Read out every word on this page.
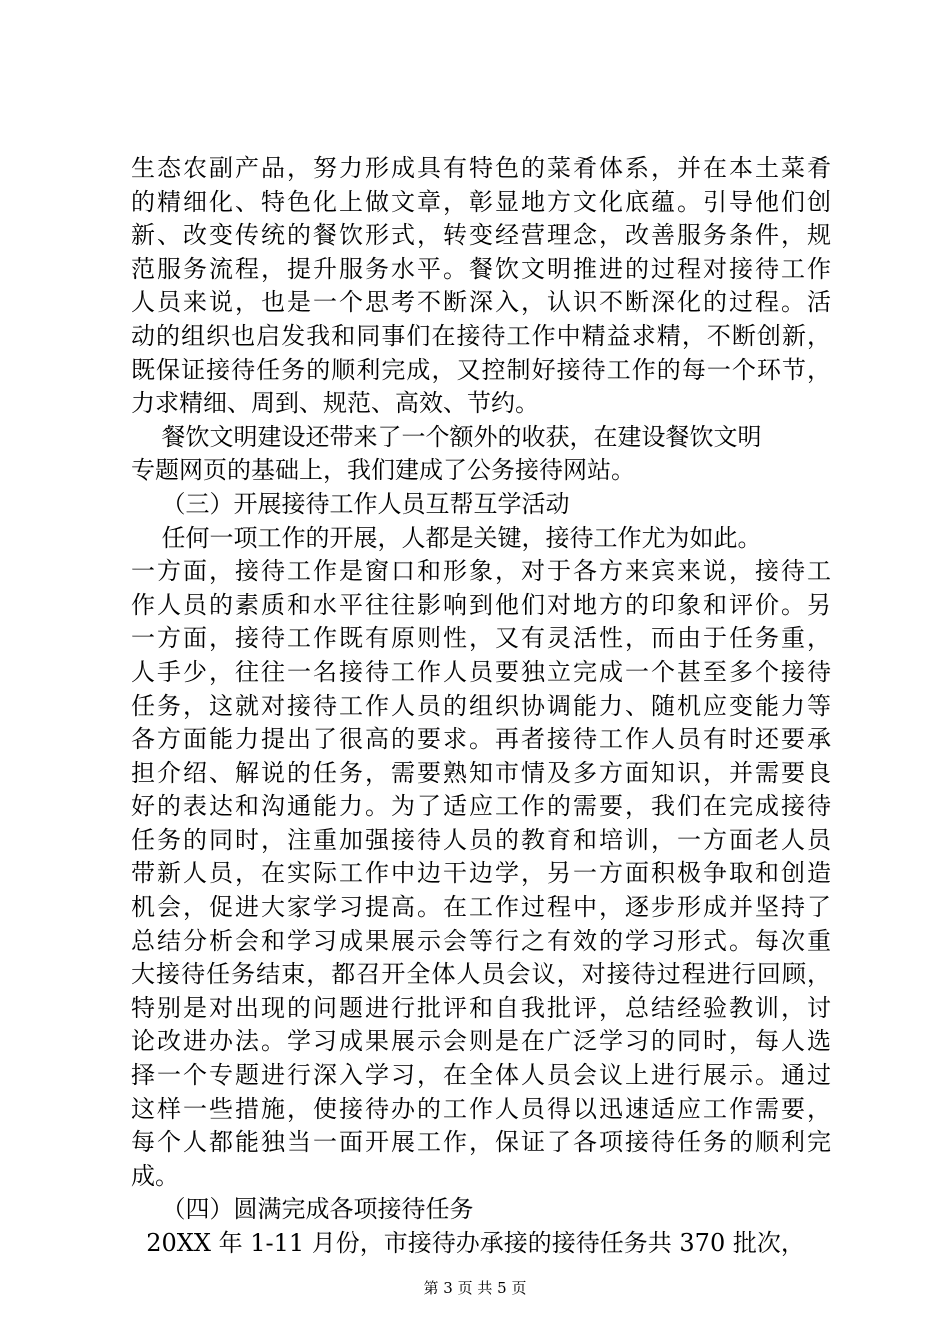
生态农副产品，努力形成具有特色的菜肴体系，并在本土菜肴
的精细化、特色化上做文章，彰显地方文化底蕴。引导他们创
新、改变传统的餐饮形式，转变经营理念，改善服务条件，规
范服务流程，提升服务水平。餐饮文明推进的过程对接待工作
人员来说，也是一个思考不断深入，认识不断深化的过程。活
动的组织也启发我和同事们在接待工作中精益求精，不断创新，
既保证接待任务的顺利完成，又控制好接待工作的每一个环节，
力求精细、周到、规范、高效、节约。
餐饮文明建设还带来了一个额外的收获，在建设餐饮文明
专题网页的基础上，我们建成了公务接待网站。
（三）开展接待工作人员互帮互学活动
任何一项工作的开展，人都是关键，接待工作尤为如此。
一方面，接待工作是窗口和形象，对于各方来宾来说，接待工
作人员的素质和水平往往影响到他们对地方的印象和评价。另
一方面，接待工作既有原则性，又有灵活性，而由于任务重，
人手少，往往一名接待工作人员要独立完成一个甚至多个接待
任务，这就对接待工作人员的组织协调能力、随机应变能力等
各方面能力提出了很高的要求。再者接待工作人员有时还要承
担介绍、解说的任务，需要熟知市情及多方面知识，并需要良
好的表达和沟通能力。为了适应工作的需要，我们在完成接待
任务的同时，注重加强接待人员的教育和培训，一方面老人员
带新人员，在实际工作中边干边学，另一方面积极争取和创造
机会，促进大家学习提高。在工作过程中，逐步形成并坚持了
总结分析会和学习成果展示会等行之有效的学习形式。每次重
大接待任务结束，都召开全体人员会议，对接待过程进行回顾，
特别是对出现的问题进行批评和自我批评，总结经验教训，讨
论改进办法。学习成果展示会则是在广泛学习的同时，每人选
择一个专题进行深入学习，在全体人员会议上进行展示。通过
这样一些措施，使接待办的工作人员得以迅速适应工作需要，
每个人都能独当一面开展工作，保证了各项接待任务的顺利完
成。
（四）圆满完成各项接待任务
20XX 年 1-11 月份，市接待办承接的接待任务共 370 批次，
第 3 页 共 5 页
